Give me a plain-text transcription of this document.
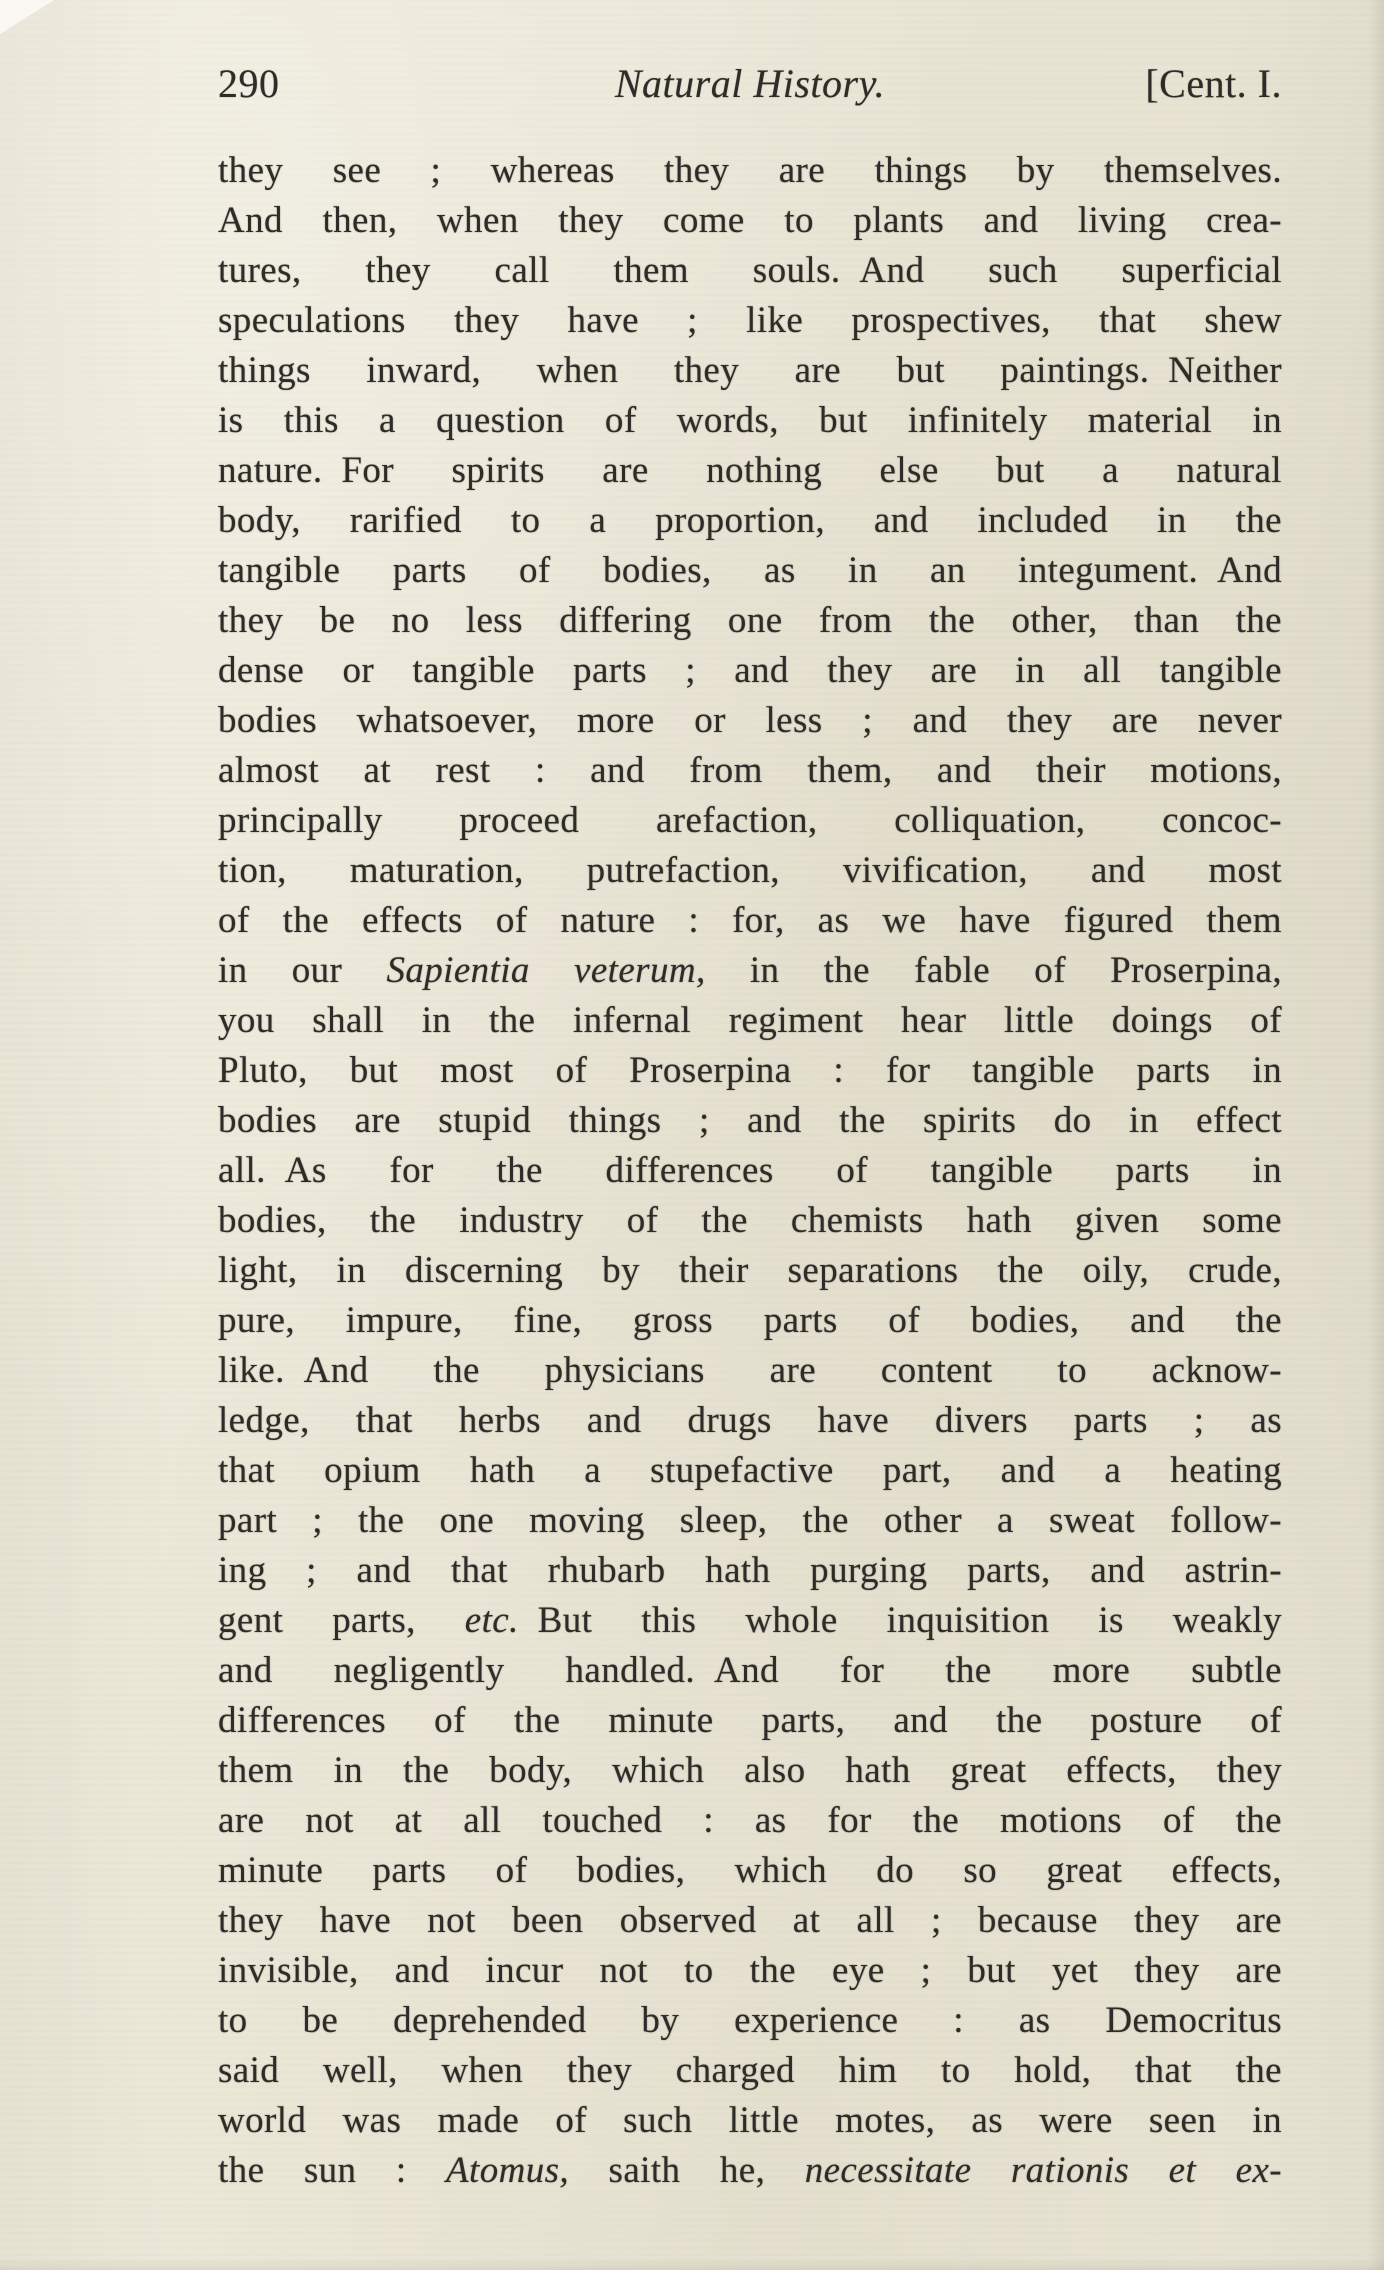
290	Natural History.	[Cent. I.
they see ; whereas they are things by themselves.
And then, when they come to plants and living crea-
tures, they call them souls. And such superficial
speculations they have ; like prospectives, that shew
things inward, when they are but paintings. Neither
is this a question of words, but infinitely material in
nature. For spirits are nothing else but a natural
body, rarified to a proportion, and included in the
tangible parts of bodies, as in an integument. And
they be no less differing one from the other, than the
dense or tangible parts ; and they are in all tangible
bodies whatsoever, more or less ; and they are never
almost at rest : and from them, and their motions,
principally proceed arefaction, colliquation, concoc-
tion, maturation, putrefaction, vivification, and most
of the effects of nature : for, as we have figured them
in our Sapientia veterum, in the fable of Proserpina,
you shall in the infernal regiment hear little doings of
Pluto, but most of Proserpina : for tangible parts in
bodies are stupid things ; and the spirits do in effect
all. As for the differences of tangible parts in
bodies, the industry of the chemists hath given some
light, in discerning by their separations the oily, crude,
pure, impure, fine, gross parts of bodies, and the
like. And the physicians are content to acknow-
ledge, that herbs and drugs have divers parts ; as
that opium hath a stupefactive part, and a heating
part ; the one moving sleep, the other a sweat follow-
ing ; and that rhubarb hath purging parts, and astrin-
gent parts, etc. But this whole inquisition is weakly
and negligently handled. And for the more subtle
differences of the minute parts, and the posture of
them in the body, which also hath great effects, they
are not at all touched : as for the motions of the
minute parts of bodies, which do so great effects,
they have not been observed at all ; because they are
invisible, and incur not to the eye ; but yet they are
to be deprehended by experience : as Democritus
said well, when they charged him to hold, that the
world was made of such little motes, as were seen in
the sun : Atomus, saith he, necessitate rationis et ex-
